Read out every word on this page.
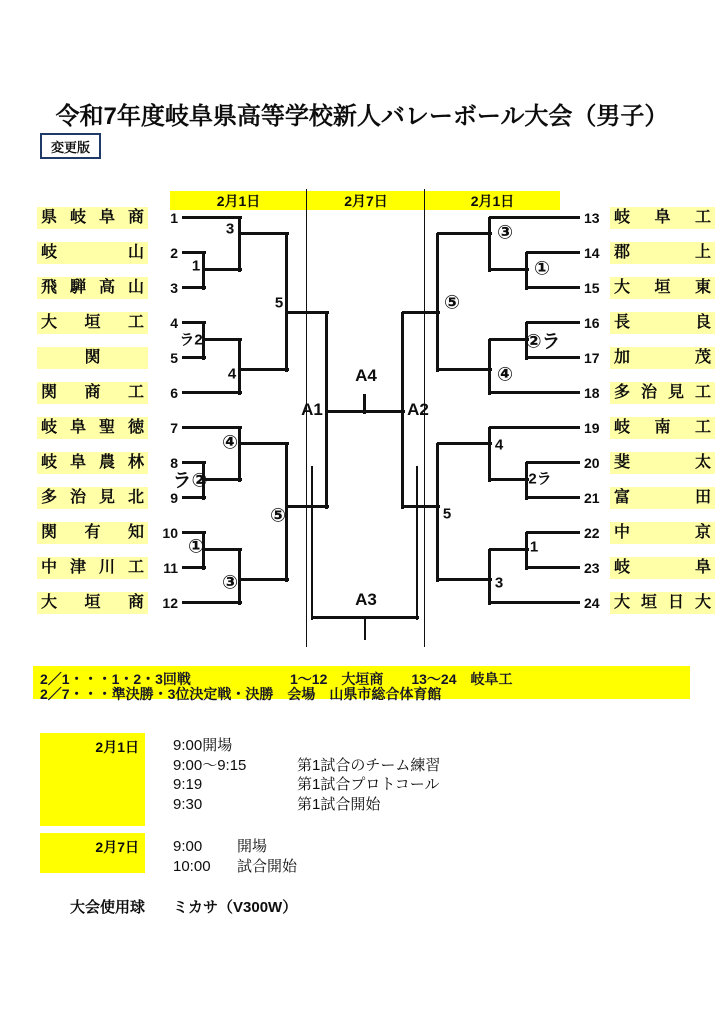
令和7年度岐阜県高等学校新人バレーボール大会（男子）
変更版
2／1・・・1・2・3回戦	1～12　大垣商　　13～24　岐阜工
2／7・・・準決勝・3位決定戦・決勝　会場　山県市総合体育館
2月1日 9:00開場
9:00～9:15	第1試合のチーム練習
9:19	第1試合プロトコール
9:30	第1試合開始
2月7日 9:00 開場
10:00 試合開始
大会使用球 ミカサ（V300W）
2月1日	2月7日	2月1日
県 岐 阜 商	1
岐	山	2
飛 騨 高 山	3
大 垣 工	4
関	5
関 商 工	6
岐 阜 聖 徳	7
岐 阜 農 林	8
多 治 見 北	9
関 有 知	10
中 津 川 工	11
大 垣 商	12
岐 阜 工
13
郡	上
14
大 垣 東
15
長	良
16
加	茂
17
多 治 見 工
18
岐 南 工
19
斐	太
20
富	田
21
中	京
22
岐	阜
23
大 垣 日 大
24
1
3
ラ2
4
5
④
ラ②
①
③
⑤
③
①
⑤
②ラ
④
4
2ラ
5
1
3
A1	A2
A3
A4
